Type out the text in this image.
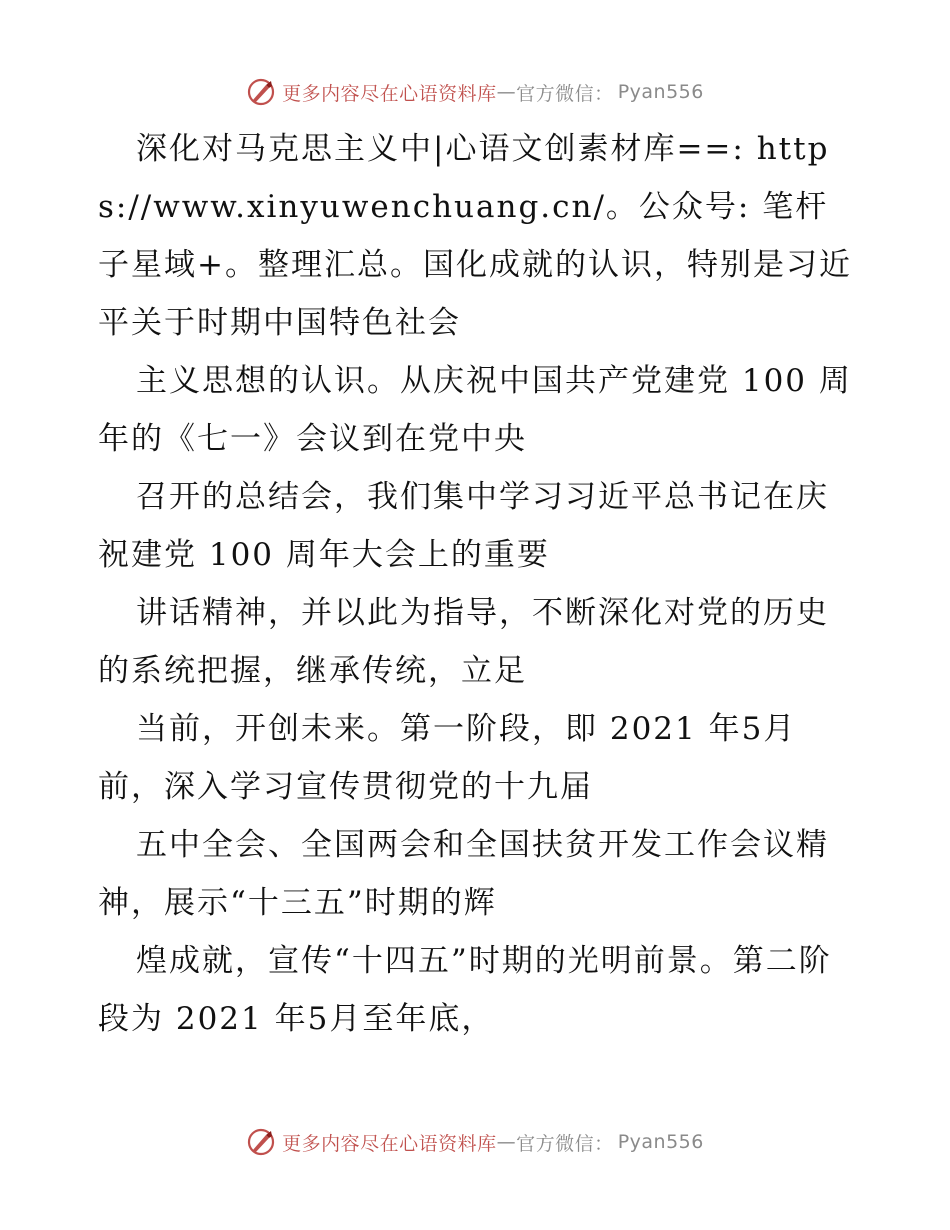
更多内容尽在心语资料库 — 官方微信： Pyan556

深化对马克思主义中|心语文创素材库==: https://www.xinyuwenchuang.cn/。公众号: 笔杆子星域+。整理汇总。国化成就的认识，特别是习近平关于时期中国特色社会

主义思想的认识。从庆祝中国共产党建党 100 周年的《七一》会议到在党中央

召开的总结会，我们集中学习习近平总书记在庆祝建党 100 周年大会上的重要

讲话精神，并以此为指导，不断深化对党的历史的系统把握，继承传统，立足

当前，开创未来。第一阶段，即 2021 年5月前，深入学习宣传贯彻党的十九届

五中全会、全国两会和全国扶贫开发工作会议精神，展示“十三五”时期的辉

煌成就，宣传“十四五”时期的光明前景。第二阶段为 2021 年5月至年底，

更多内容尽在心语资料库 — 官方微信： Pyan556
